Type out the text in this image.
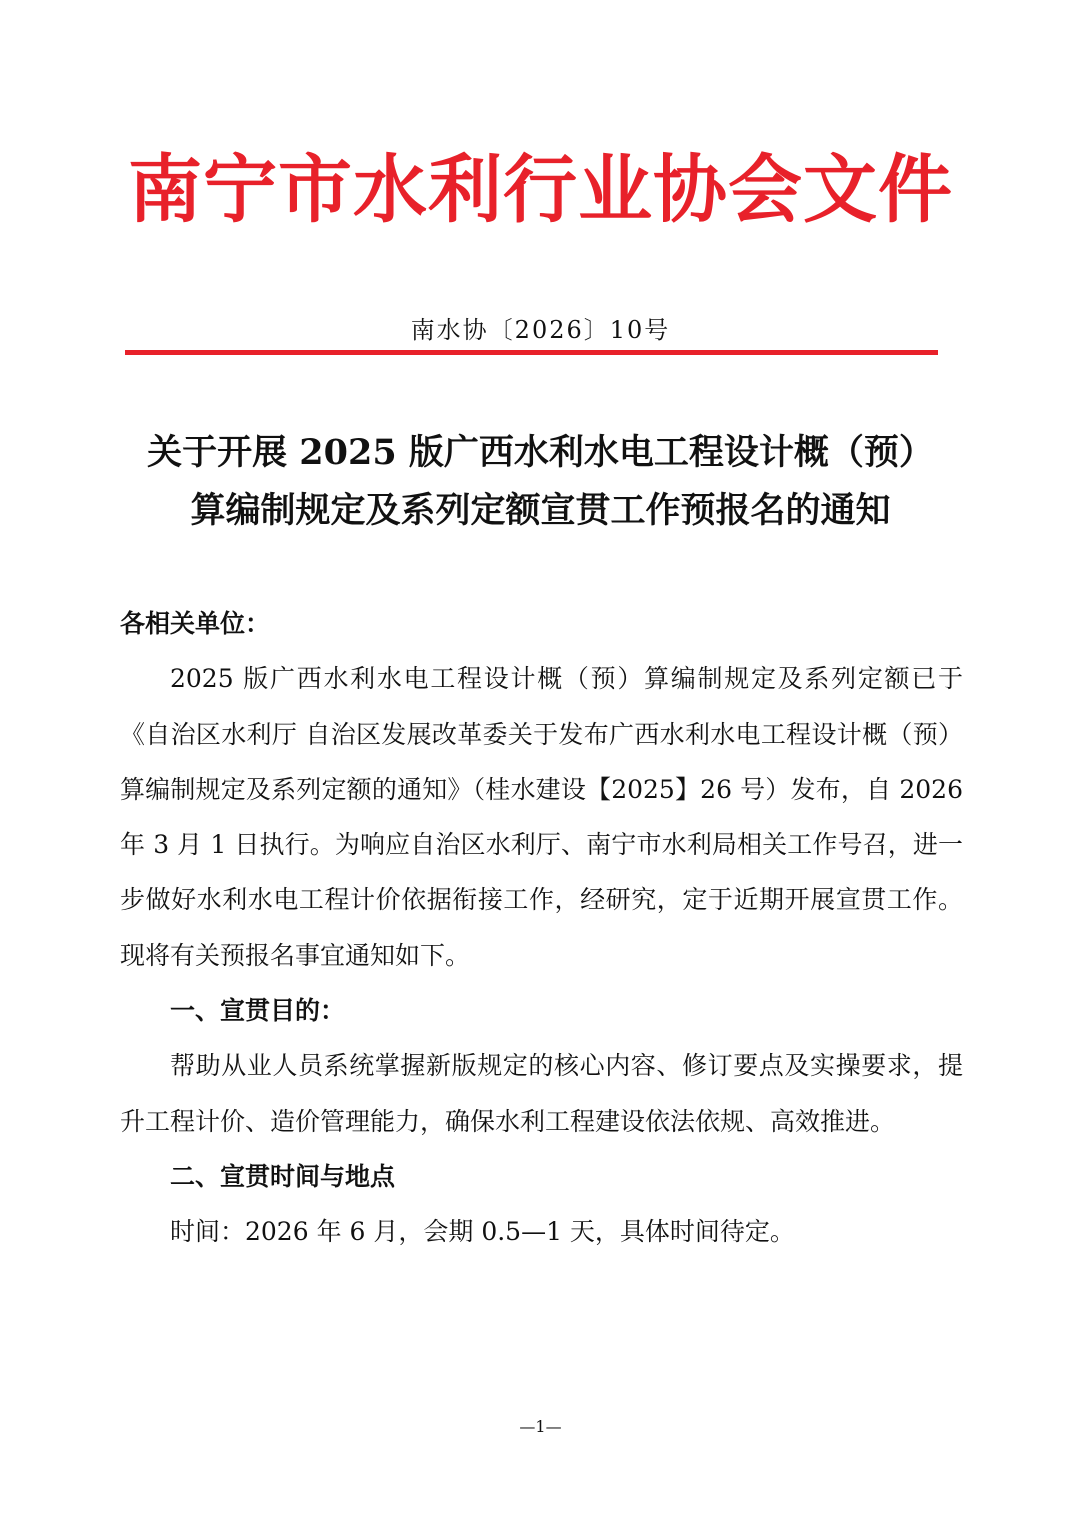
南宁市水利行业协会文件
南水协〔2026〕10号
关于开展 2025 版广西水利水电工程设计概（预）
算编制规定及系列定额宣贯工作预报名的通知

各相关单位：

2025 版广西水利水电工程设计概（预）算编制规定及系列定额已于《自治区水利厅 自治区发展改革委关于发布广西水利水电工程设计概（预）算编制规定及系列定额的通知》（桂水建设【2025】26 号）发布，自 2026 年 3 月 1 日执行。为响应自治区水利厅、南宁市水利局相关工作号召，进一步做好水利水电工程计价依据衔接工作，经研究，定于近期开展宣贯工作。现将有关预报名事宜通知如下。

一、宣贯目的：

帮助从业人员系统掌握新版规定的核心内容、修订要点及实操要求，提升工程计价、造价管理能力，确保水利工程建设依法依规、高效推进。

二、宣贯时间与地点

时间：2026 年 6 月，会期 0.5—1 天，具体时间待定。

—1—
